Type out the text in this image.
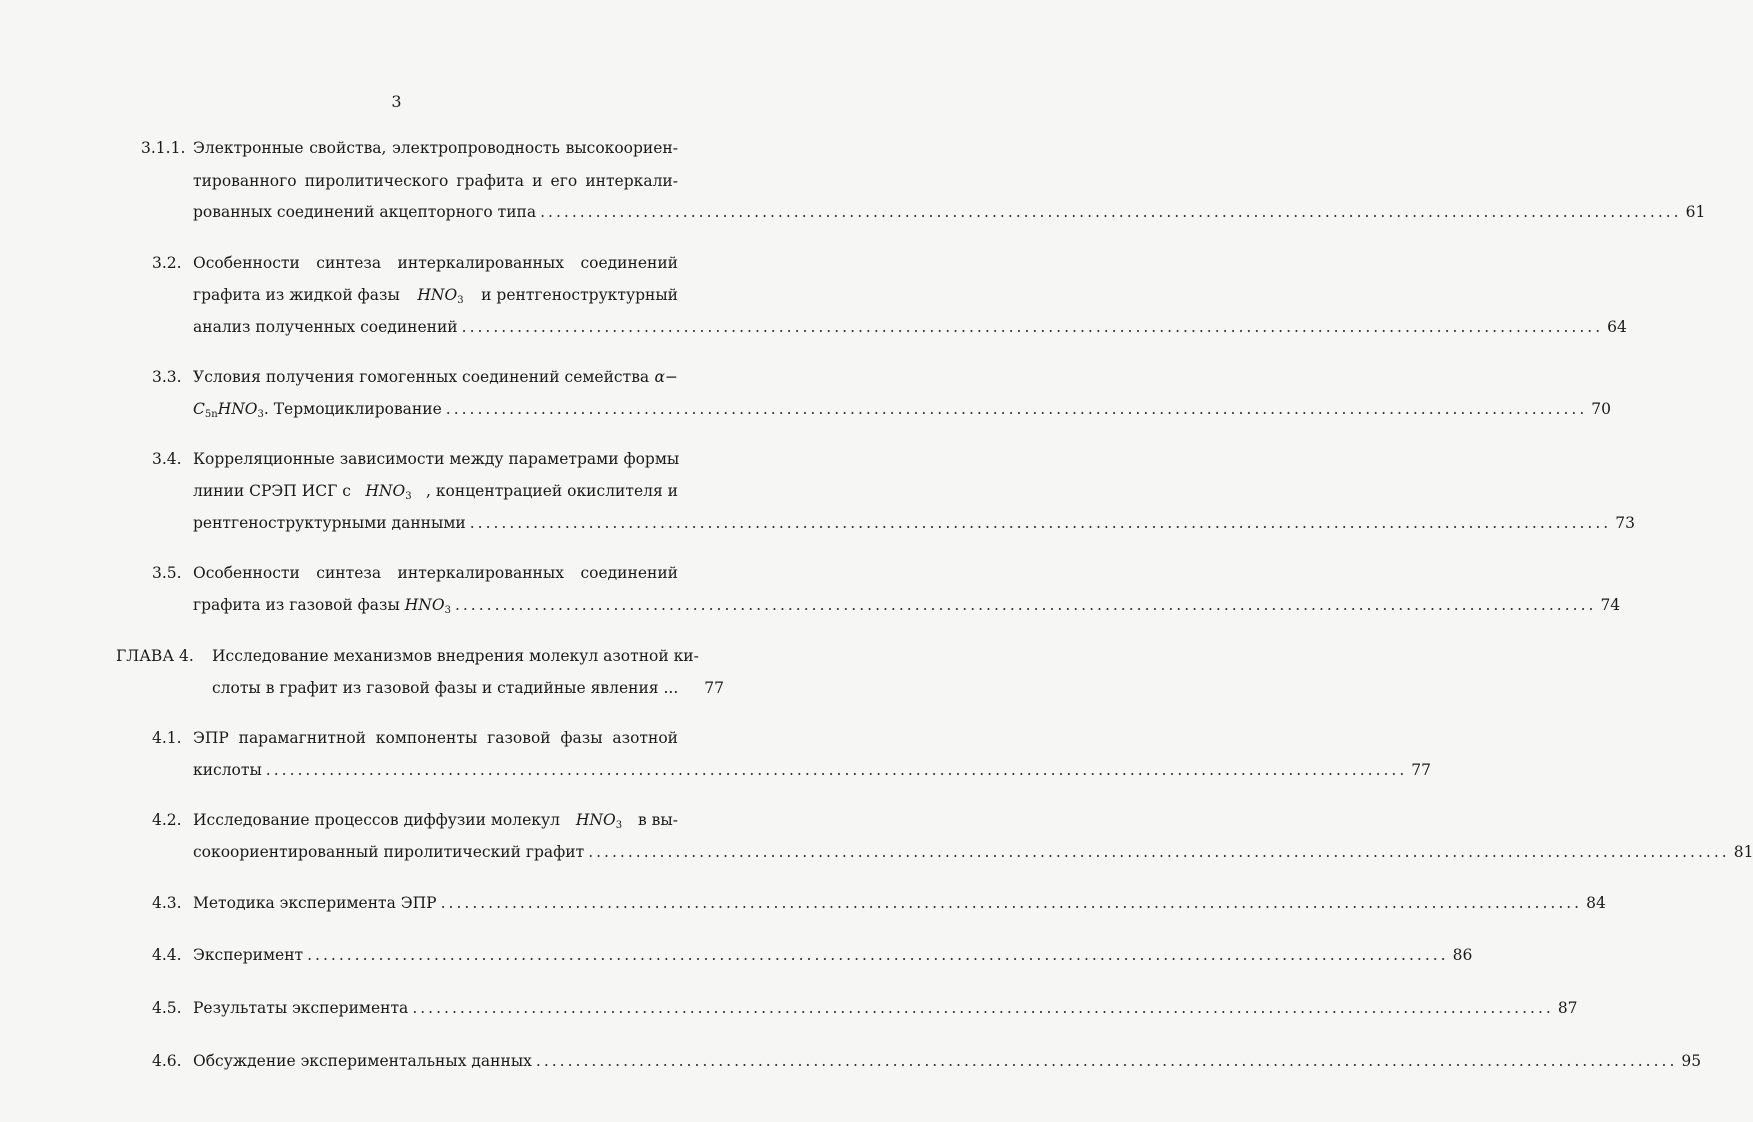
3
3.1.1. Электронные свойства, электропроводность высокоориен-
тированного пиролитического графита и его интеркали-
рованных соединений акцепторного типа ................................................................................................................................................ 61
3.2. Особенности синтеза интеркалированных соединений
графита из жидкой фазы $HNO_3$ и рентгеноструктурный
анализ полученных соединений ................................................................................................................................................ 64
3.3. Условия получения гомогенных соединений семейства α−
$C_{5n}HNO_3$. Термоциклирование ................................................................................................................................................ 70
3.4. Корреляционные зависимости между параметрами формы
линии СРЭП ИСГ с $HNO_3$ , концентрацией окислителя и
рентгеноструктурными данными ................................................................................................................................................ 73
3.5. Особенности синтеза интеркалированных соединений
графита из газовой фазы $HNO_3$ ................................................................................................................................................ 74
ГЛАВА 4. Исследование механизмов внедрения молекул азотной ки-
слоты в графит из газовой фазы и стадийные явления ... 77
4.1. ЭПР парамагнитной компоненты газовой фазы азотной
кислоты ................................................................................................................................................ 77
4.2. Исследование процессов диффузии молекул $HNO_3$ в вы-
сокоориентированный пиролитический графит ................................................................................................................................................ 81
4.3. Методика эксперимента ЭПР ................................................................................................................................................ 84
4.4. Эксперимент ................................................................................................................................................ 86
4.5. Результаты эксперимента ................................................................................................................................................ 87
4.6. Обсуждение экспериментальных данных ................................................................................................................................................ 95
